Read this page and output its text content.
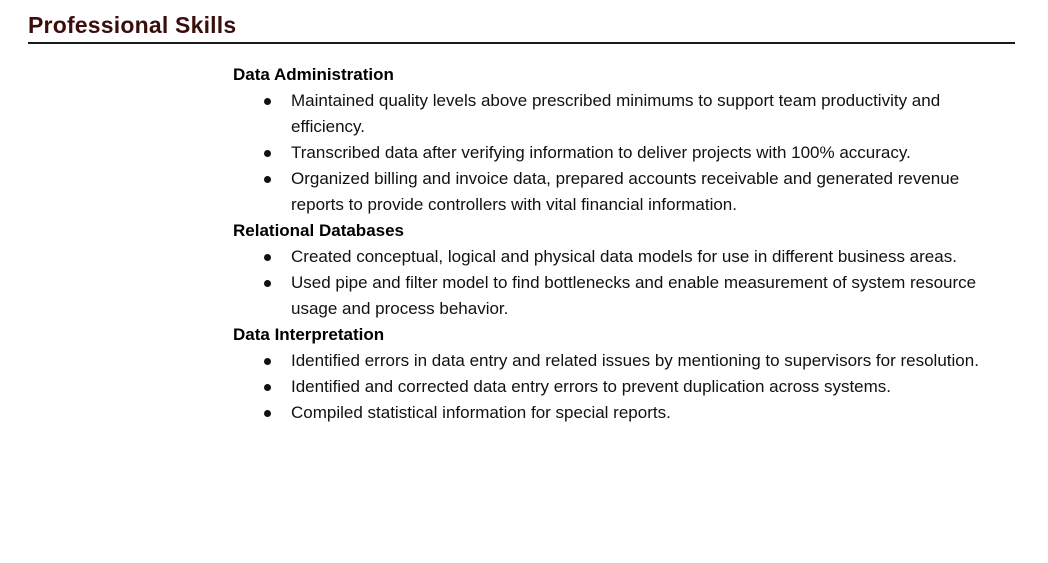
Professional Skills
Data Administration
Maintained quality levels above prescribed minimums to support team productivity and efficiency.
Transcribed data after verifying information to deliver projects with 100% accuracy.
Organized billing and invoice data, prepared accounts receivable and generated revenue reports to provide controllers with vital financial information.
Relational Databases
Created conceptual, logical and physical data models for use in different business areas.
Used pipe and filter model to find bottlenecks and enable measurement of system resource usage and process behavior.
Data Interpretation
Identified errors in data entry and related issues by mentioning to supervisors for resolution.
Identified and corrected data entry errors to prevent duplication across systems.
Compiled statistical information for special reports.
